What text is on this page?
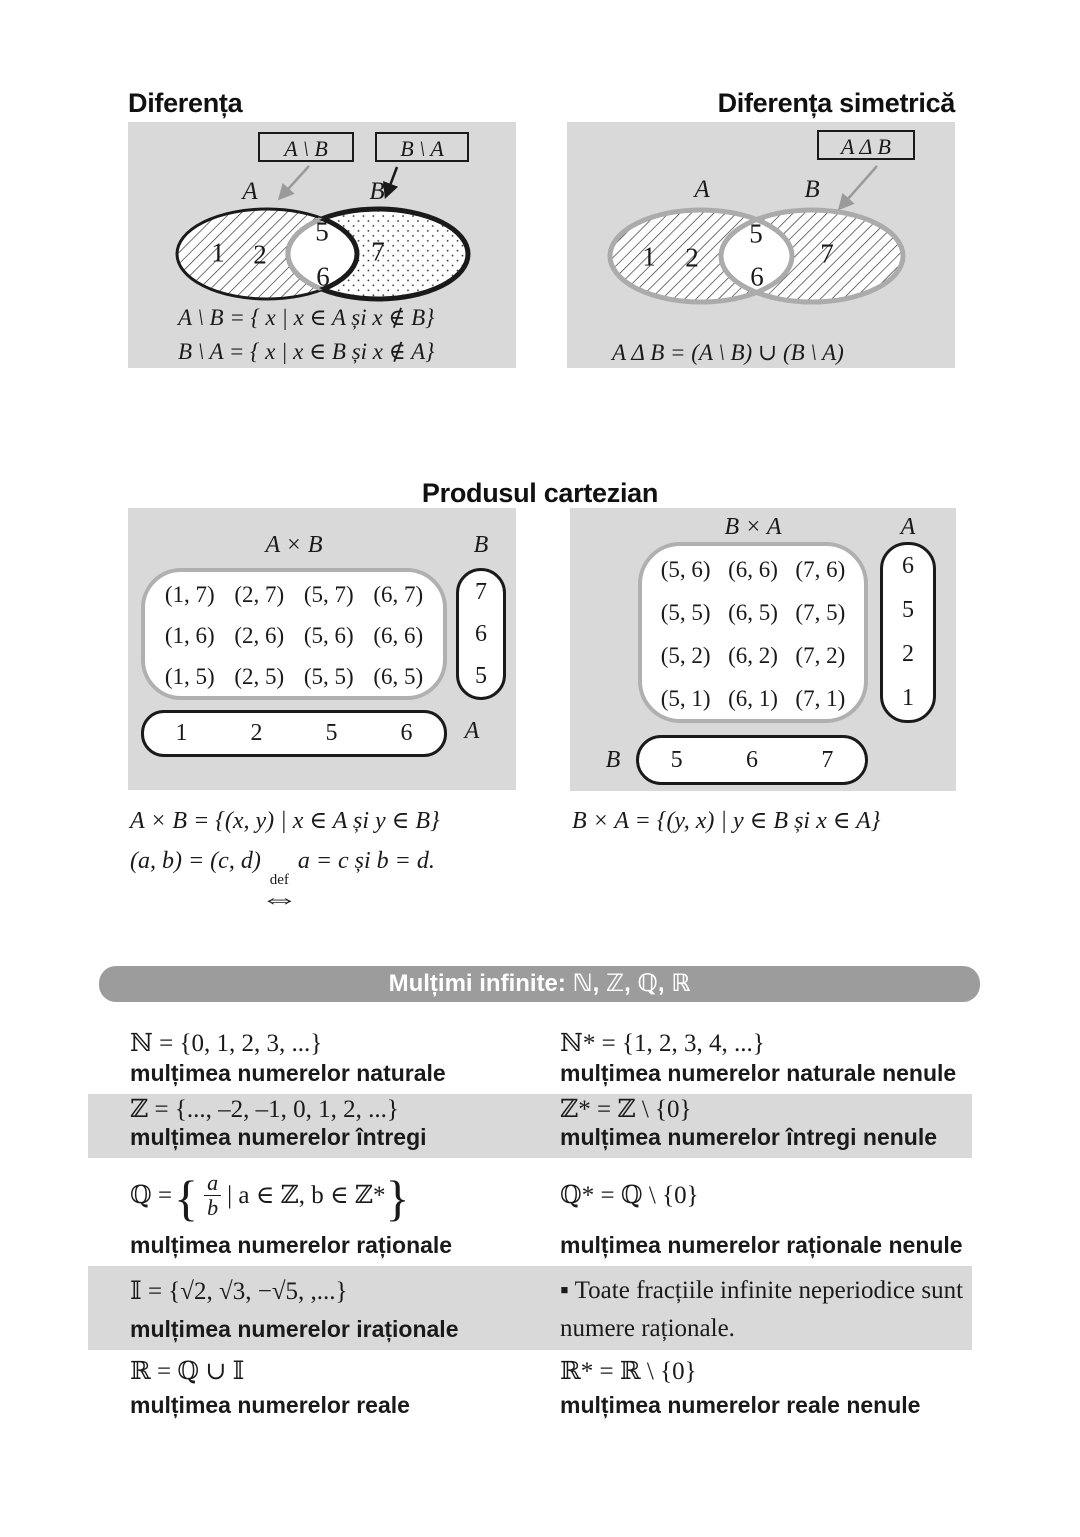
Diferența	Diferența simetrică
A \ B	B \ A
A	B
1 2
5
6
7
A \ B = { x | x ∈ A și x ∉ B}
B \ A = { x | x ∈ B și x ∉ A}
A Δ B
A	B
1 2
5
6
7
A Δ B = (A \ B) ∪ (B \ A)
Produsul cartezian
A × B	B
(1, 7) (2, 7) (5, 7) (6, 7)
(1, 6) (2, 6) (5, 6) (6, 6)
(1, 5) (2, 5) (5, 5) (6, 5)
7
6
5
1	2	5	6	A
B × A	A
(5, 6) (6, 6) (7, 6)
(5, 5) (6, 5) (7, 5)
(5, 2) (6, 2) (7, 2)
(5, 1) (6, 1) (7, 1)
6
5
2
1
5	6	7
B
A × B = {(x, y) | x ∈ A și y ∈ B}	B × A = {(y, x) | y ∈ B și x ∈ A}
(a, b) = (c, d)
def
⇔
a = c și b = d.
Mulțimi infinite: ℕ, ℤ, ℚ, ℝ
ℕ = {0, 1, 2, 3, ...}
mulțimea numerelor naturale
ℕ* = {1, 2, 3, 4, ...}
mulțimea numerelor naturale nenule
ℤ = {..., –2, –1, 0, 1, 2, ...}
mulțimea numerelor întregi
ℤ* = ℤ \ {0}
mulțimea numerelor întregi nenule
ℚ = { $\frac{a}{b}$ | a ∈ ℤ, b ∈ ℤ* }
mulțimea numerelor raționale
ℚ* = ℚ \ {0}
mulțimea numerelor raționale nenule
𝕀 = {√2, √3, −√5, ,...}
mulțimea numerelor iraționale
▪ Toate fracțiile infinite neperiodice sunt
numere raționale.
ℝ = ℚ ∪ 𝕀
mulțimea numerelor reale
ℝ* = ℝ \ {0}
mulțimea numerelor reale nenule
